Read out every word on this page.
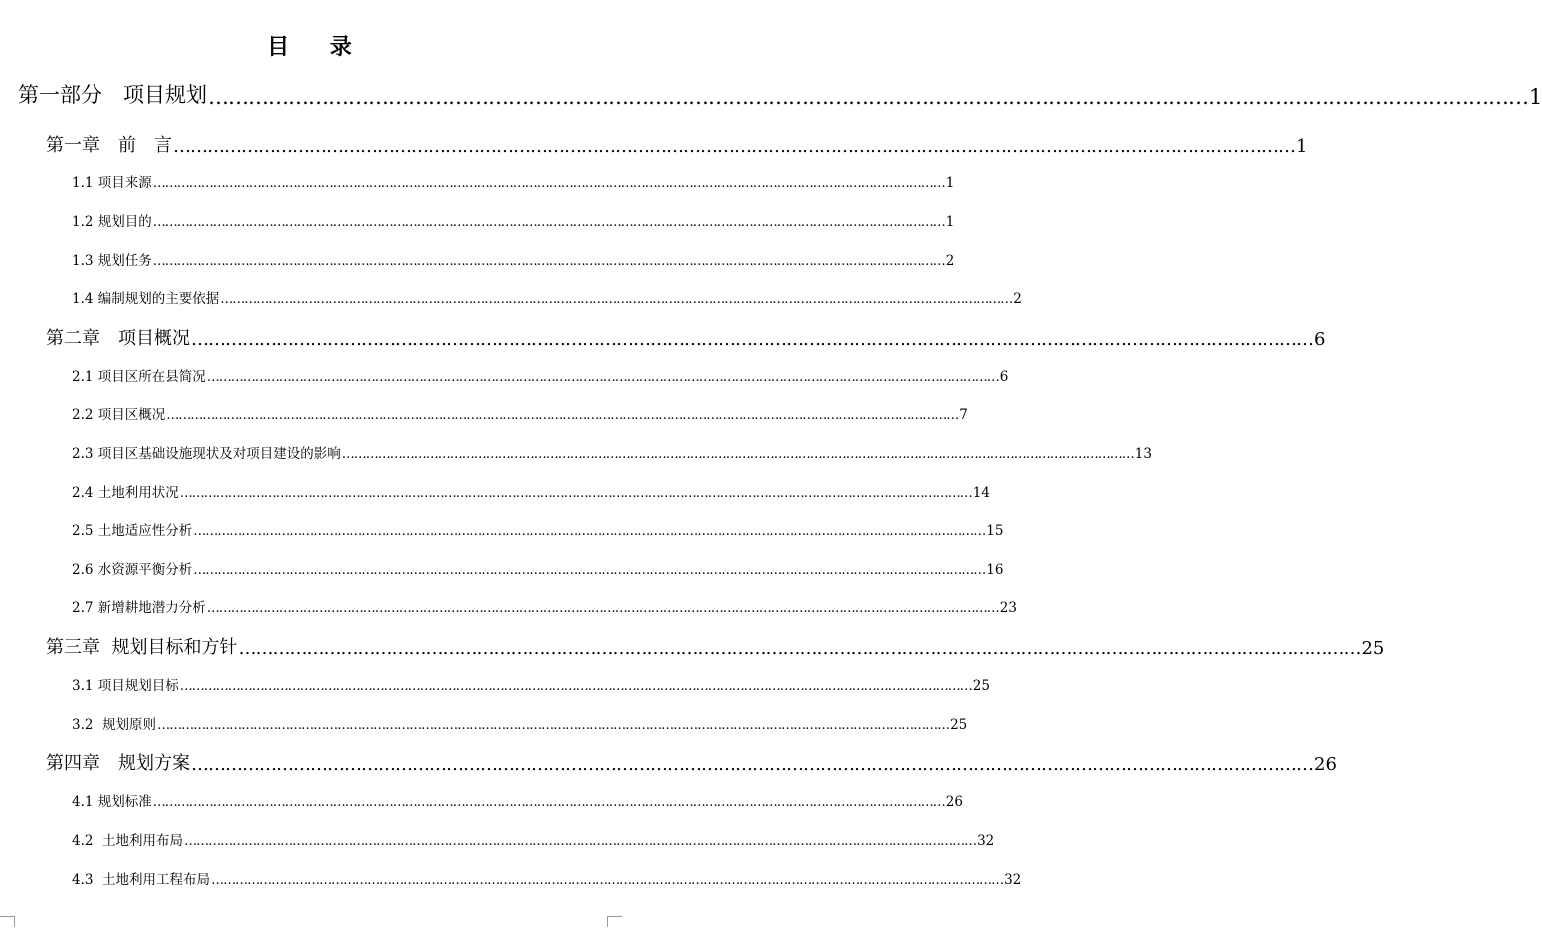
目    录
第一部分　项目规划 ……………………………………………………………………………………………………………………………………………………………………………… 1
第一章　前　言 ……………………………………………………………………………………………………………………………………………………………………………… 1
1.1 项目来源 ……………………………………………………………………………………………………………………………………………………………………………… 1
1.2 规划目的 ……………………………………………………………………………………………………………………………………………………………………………… 1
1.3 规划任务 ……………………………………………………………………………………………………………………………………………………………………………… 2
1.4 编制规划的主要依据 ……………………………………………………………………………………………………………………………………………………………………………… 2
第二章　项目概况 ……………………………………………………………………………………………………………………………………………………………………………… 6
2.1 项目区所在县简况 ……………………………………………………………………………………………………………………………………………………………………………… 6
2.2 项目区概况 ……………………………………………………………………………………………………………………………………………………………………………… 7
2.3 项目区基础设施现状及对项目建设的影响 ……………………………………………………………………………………………………………………………………………………………………………… 13
2.4 土地利用状况 ……………………………………………………………………………………………………………………………………………………………………………… 14
2.5 土地适应性分析 ……………………………………………………………………………………………………………………………………………………………………………… 15
2.6 水资源平衡分析 ……………………………………………………………………………………………………………………………………………………………………………… 16
2.7 新增耕地潜力分析 ……………………………………………………………………………………………………………………………………………………………………………… 23
第三章  规划目标和方针 ……………………………………………………………………………………………………………………………………………………………………………… 25
3.1 项目规划目标 ……………………………………………………………………………………………………………………………………………………………………………… 25
3.2  规划原则 ……………………………………………………………………………………………………………………………………………………………………………… 25
第四章　规划方案 ……………………………………………………………………………………………………………………………………………………………………………… 26
4.1 规划标准 ……………………………………………………………………………………………………………………………………………………………………………… 26
4.2  土地利用布局 ……………………………………………………………………………………………………………………………………………………………………………… 32
4.3  土地利用工程布局 ……………………………………………………………………………………………………………………………………………………………………………… 32
